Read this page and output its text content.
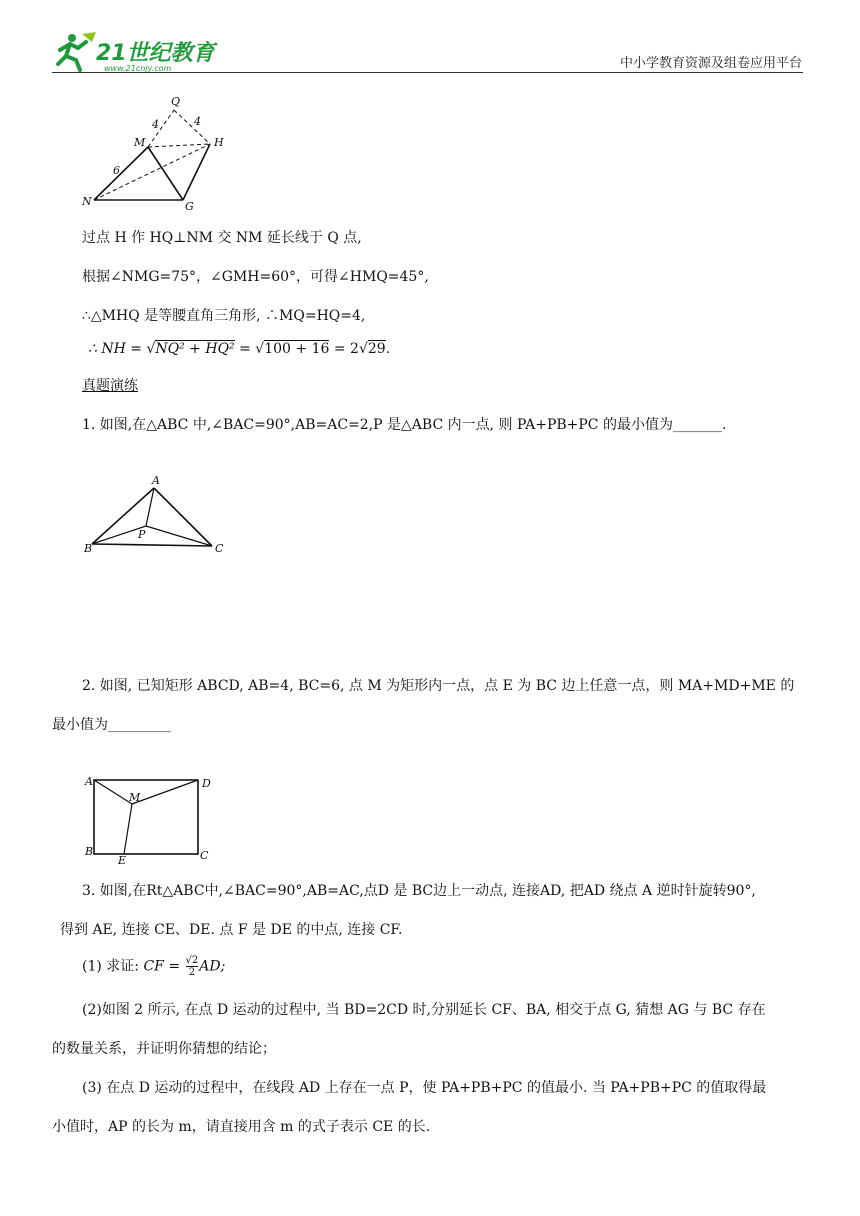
21世纪教育
www.21cnjy.com	中小学教育资源及组卷应用平台
Q
M	H
N	G
4	4
6
过点 H 作 HQ⊥NM 交 NM 延长线于 Q 点,
根据∠NMG=75°，∠GMH=60°，可得∠HMQ=45°,
∴△MHQ 是等腰直角三角形, ∴MQ=HQ=4,
∴ NH = √NQ² + HQ² = √100 + 16 = 2√29.
真题演练
1. 如图,在△ABC 中,∠BAC=90°,AB=AC=2,P 是△ABC 内一点, 则 PA+PB+PC 的最小值为_______.
A
B	C
P
2. 如图, 已知矩形 ABCD, AB=4, BC=6, 点 M 为矩形内一点，点 E 为 BC 边上任意一点，则 MA+MD+ME 的
最小值为_________
A	D
B	C
M
E
3. 如图,在Rt△ABC中,∠BAC=90°,AB=AC,点D 是 BC边上一动点, 连接AD, 把AD 绕点 A 逆时针旋转90°,
得到 AE, 连接 CE、DE. 点 F 是 DE 的中点, 连接 CF.
(1) 求证: CF = $\frac{√2}{2}$ AD;
(2)如图 2 所示, 在点 D 运动的过程中, 当 BD=2CD 时,分别延长 CF、BA, 相交于点 G, 猜想 AG 与 BC 存在
的数量关系，并证明你猜想的结论；
(3) 在点 D 运动的过程中，在线段 AD 上存在一点 P，使 PA+PB+PC 的值最小. 当 PA+PB+PC 的值取得最
小值时，AP 的长为 m，请直接用含 m 的式子表示 CE 的长.
